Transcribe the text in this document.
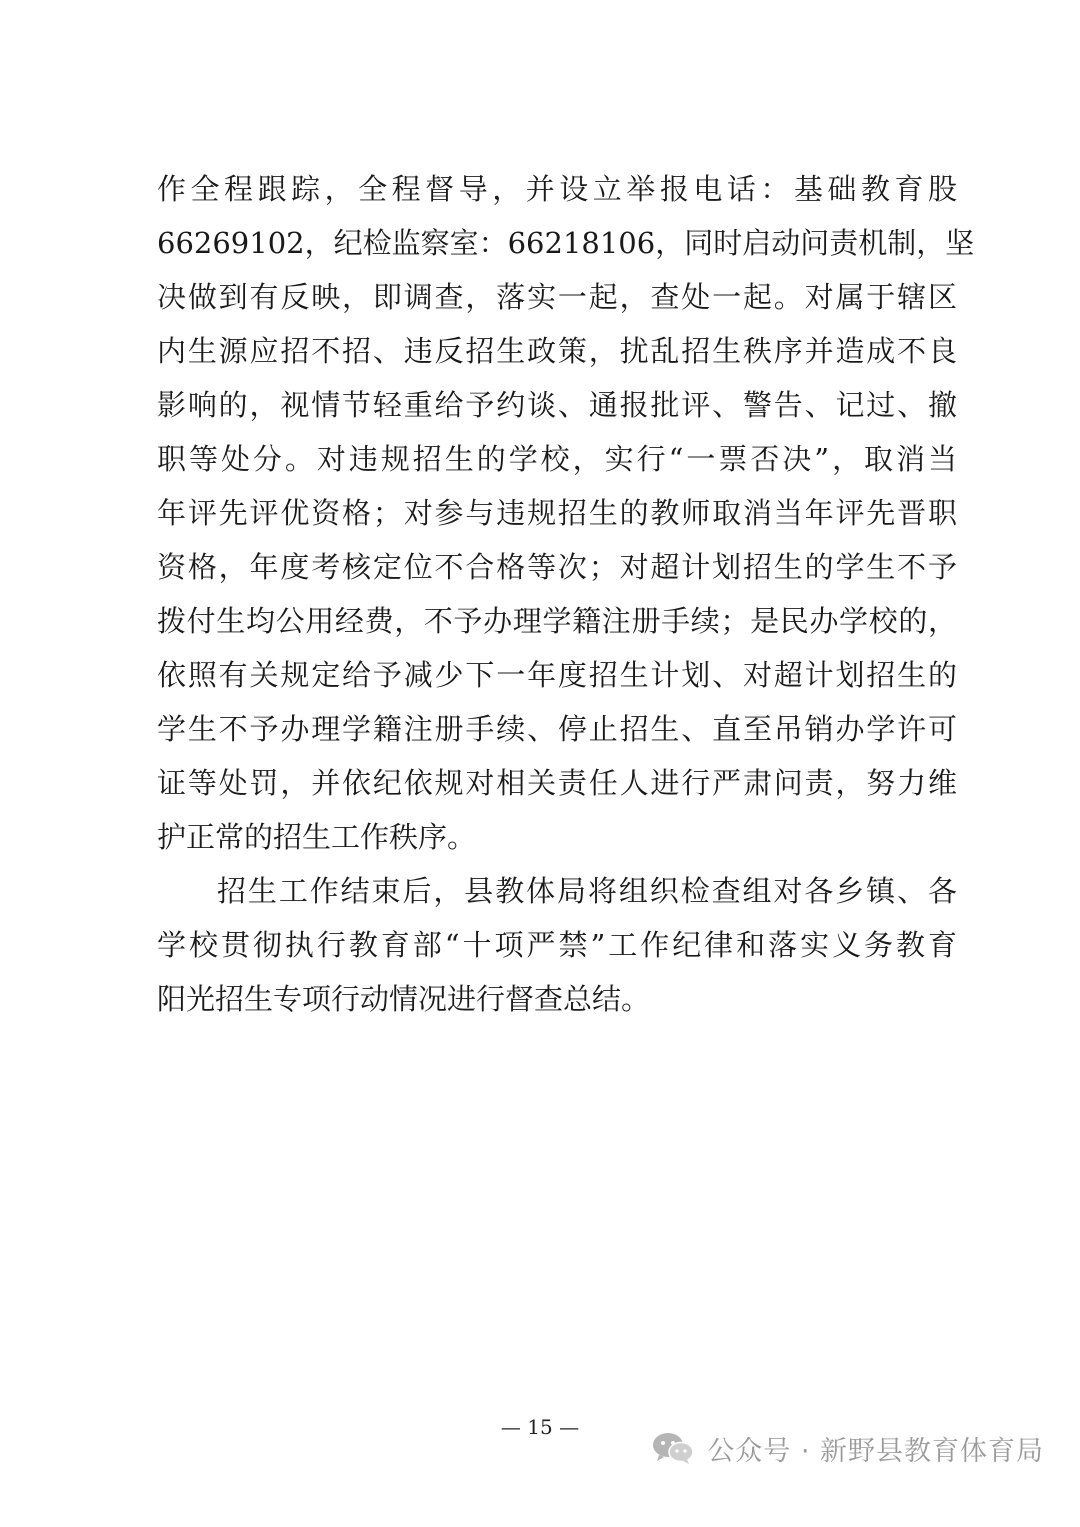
作全程跟踪，全程督导，并设立举报电话：基础教育股
66269102，纪检监察室：66218106，同时启动问责机制，坚
决做到有反映，即调查，落实一起，查处一起。对属于辖区
内生源应招不招、违反招生政策，扰乱招生秩序并造成不良
影响的，视情节轻重给予约谈、通报批评、警告、记过、撤
职等处分。对违规招生的学校，实行“一票否决”，取消当
年评先评优资格；对参与违规招生的教师取消当年评先晋职
资格，年度考核定位不合格等次；对超计划招生的学生不予
拨付生均公用经费，不予办理学籍注册手续；是民办学校的，
依照有关规定给予减少下一年度招生计划、对超计划招生的
学生不予办理学籍注册手续、停止招生、直至吊销办学许可
证等处罚，并依纪依规对相关责任人进行严肃问责，努力维
护正常的招生工作秩序。
招生工作结束后，县教体局将组织检查组对各乡镇、各
学校贯彻执行教育部“十项严禁”工作纪律和落实义务教育
阳光招生专项行动情况进行督查总结。
— 15 —
公众号 · 新野县教育体育局
